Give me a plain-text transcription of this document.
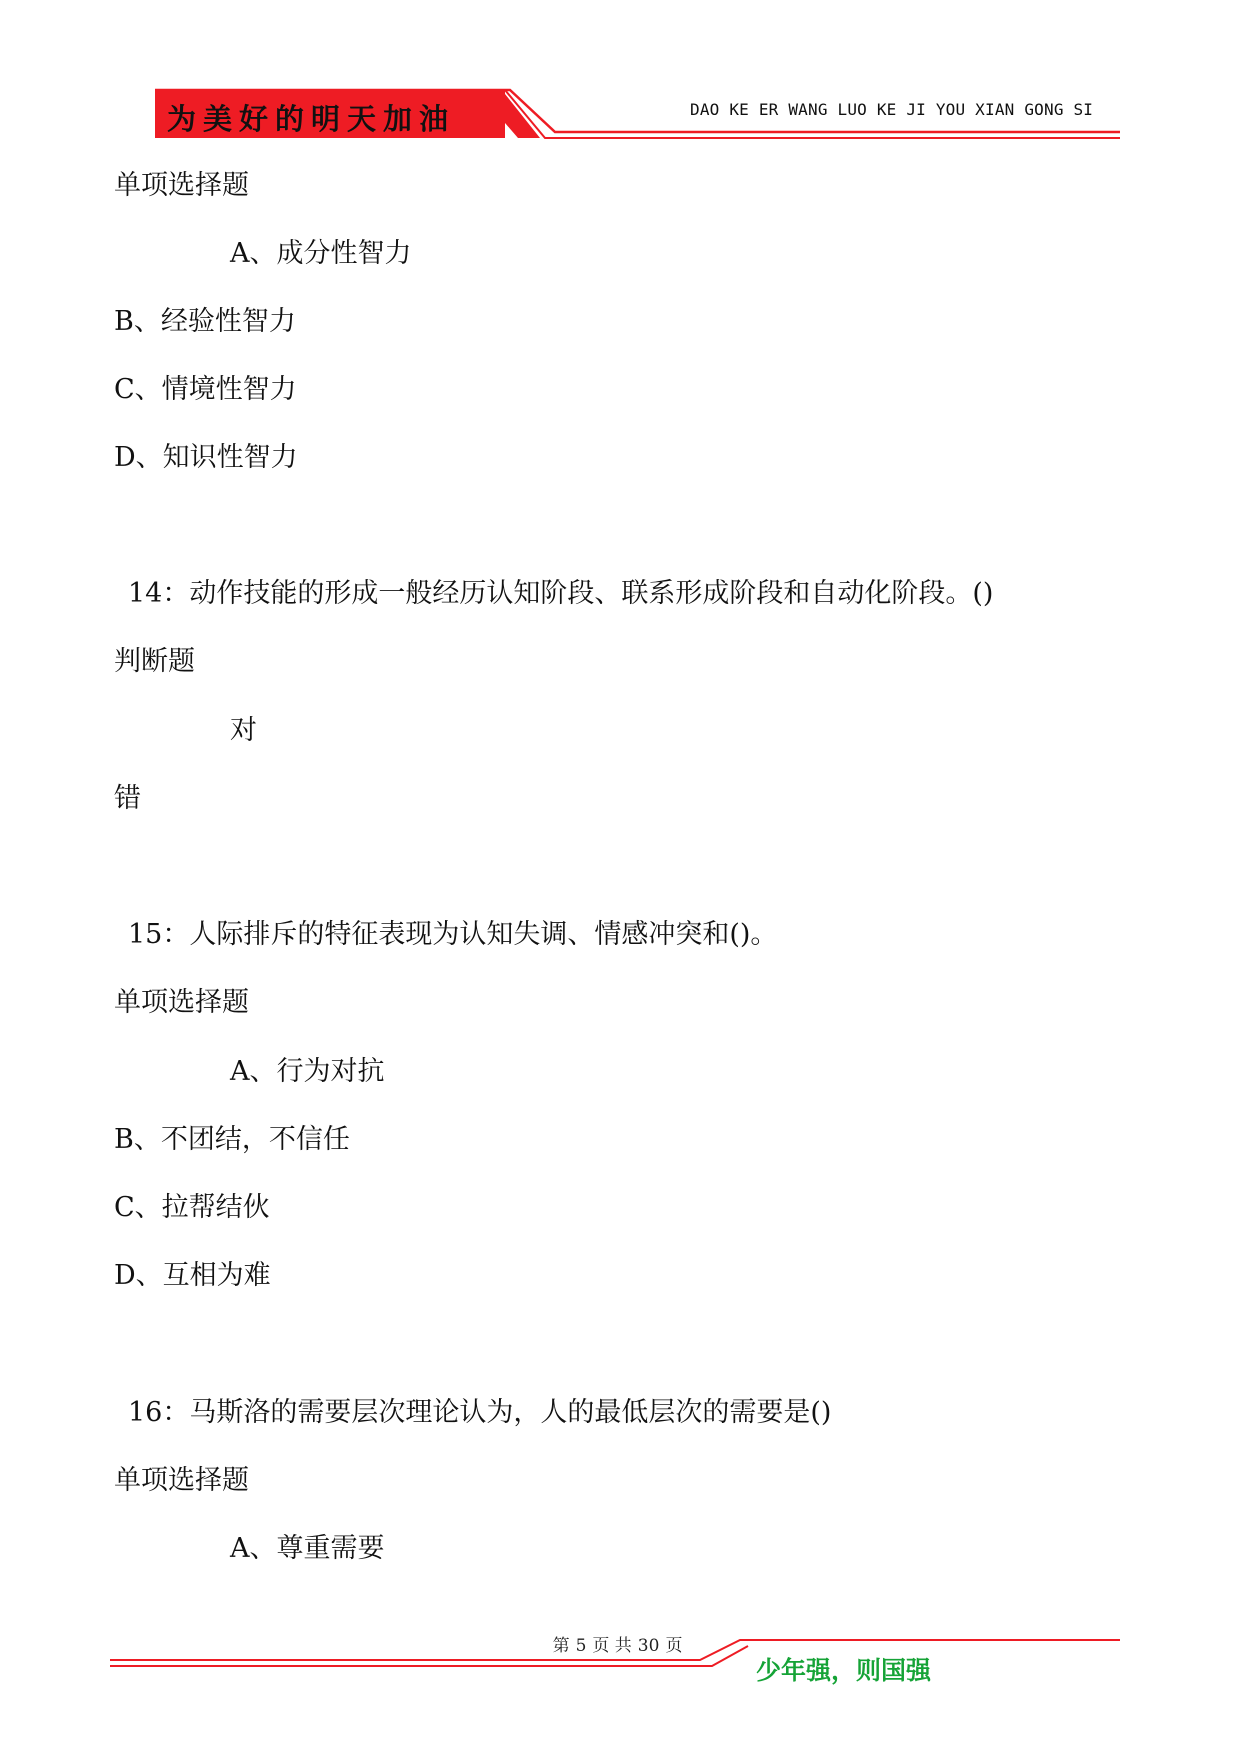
为美好的明天加油	DAO KE ER WANG LUO KE JI YOU XIAN GONG SI
单项选择题
A、成分性智力
B、经验性智力
C、情境性智力
D、知识性智力
14：动作技能的形成一般经历认知阶段、联系形成阶段和自动化阶段。()
判断题
对
错
15：人际排斥的特征表现为认知失调、情感冲突和()。
单项选择题
A、行为对抗
B、不团结，不信任
C、拉帮结伙
D、互相为难
16：马斯洛的需要层次理论认为，人的最低层次的需要是()
单项选择题
A、尊重需要
第 5 页 共 30 页
少年强，则国强
